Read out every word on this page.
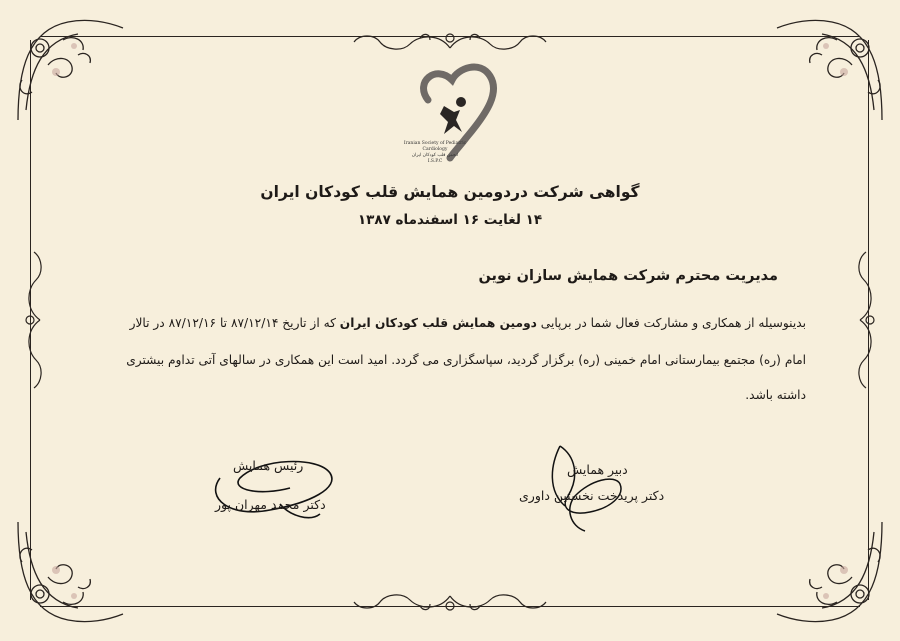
Iranian Society of Pediatric Cardiology
انجمن قلب کودکان ایران
I.S.P.C
گواهی شرکت دردومین همایش قلب کودکان ایران
۱۴ لغایت ۱۶ اسفندماه ۱۳۸۷
مدیریت محترم شرکت همایش سازان نوین
بدینوسیله از همکاری و مشارکت فعال شما در برپایی دومین همایش قلب کودکان ایران که از تاریخ ۸۷/۱۲/۱۴ تا ۸۷/۱۲/۱۶ در تالار
امام (ره) مجتمع بیمارستانی امام خمینی (ره) برگزار گردید، سپاسگزاری می گردد. امید است این همکاری در سالهای آتی تداوم بیشتری
داشته باشد.
رئیس همایش
دکتر محمد مهران پور
دبیر همایش
دکتر پریدخت نخستین داوری
